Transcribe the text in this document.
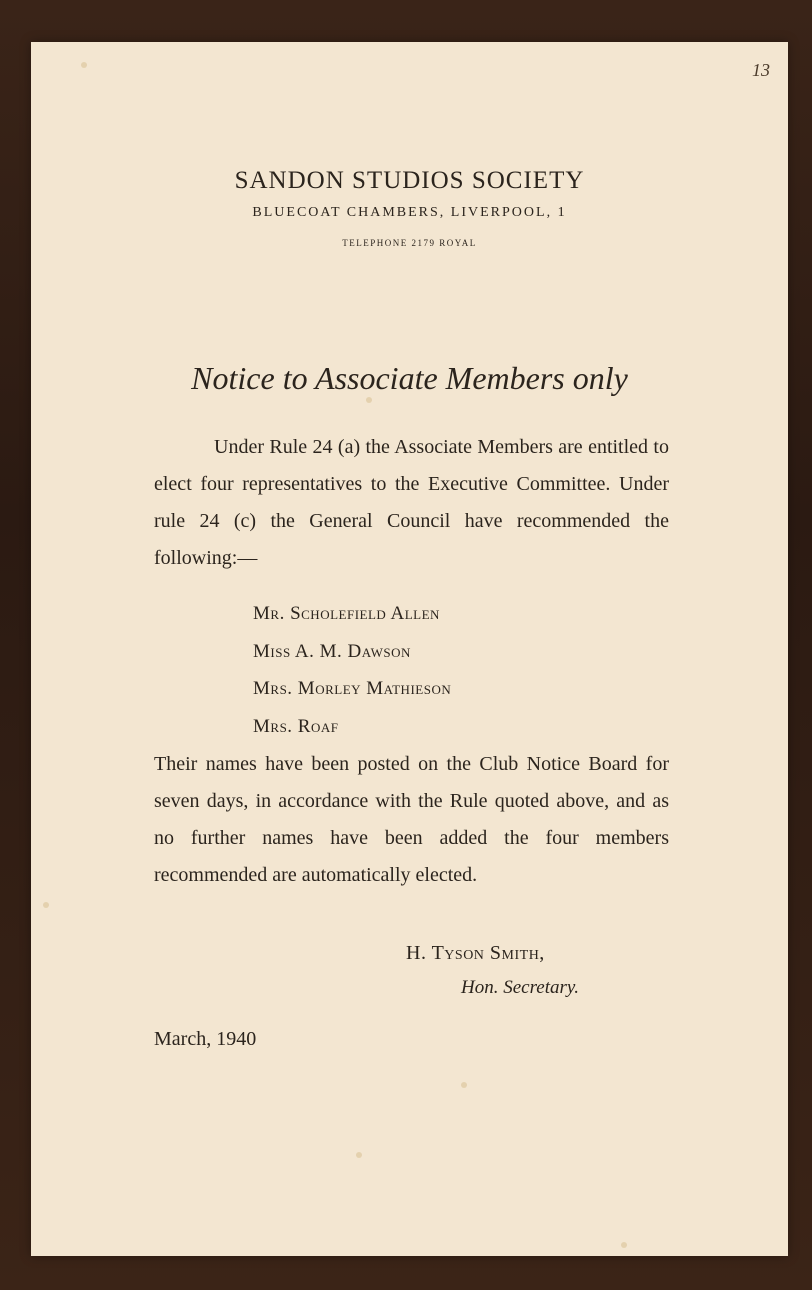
13
SANDON STUDIOS SOCIETY
BLUECOAT CHAMBERS, LIVERPOOL, 1
TELEPHONE 2179 ROYAL
Notice to Associate Members only
Under Rule 24 (a) the Associate Members are entitled to elect four representatives to the Executive Committee. Under rule 24 (c) the General Council have recommended the following:—
Mr. Scholefield Allen
Miss A. M. Dawson
Mrs. Morley Mathieson
Mrs. Roaf
Their names have been posted on the Club Notice Board for seven days, in accordance with the Rule quoted above, and as no further names have been added the four members recommended are automatically elected.
H. Tyson Smith,
Hon. Secretary.
March, 1940
